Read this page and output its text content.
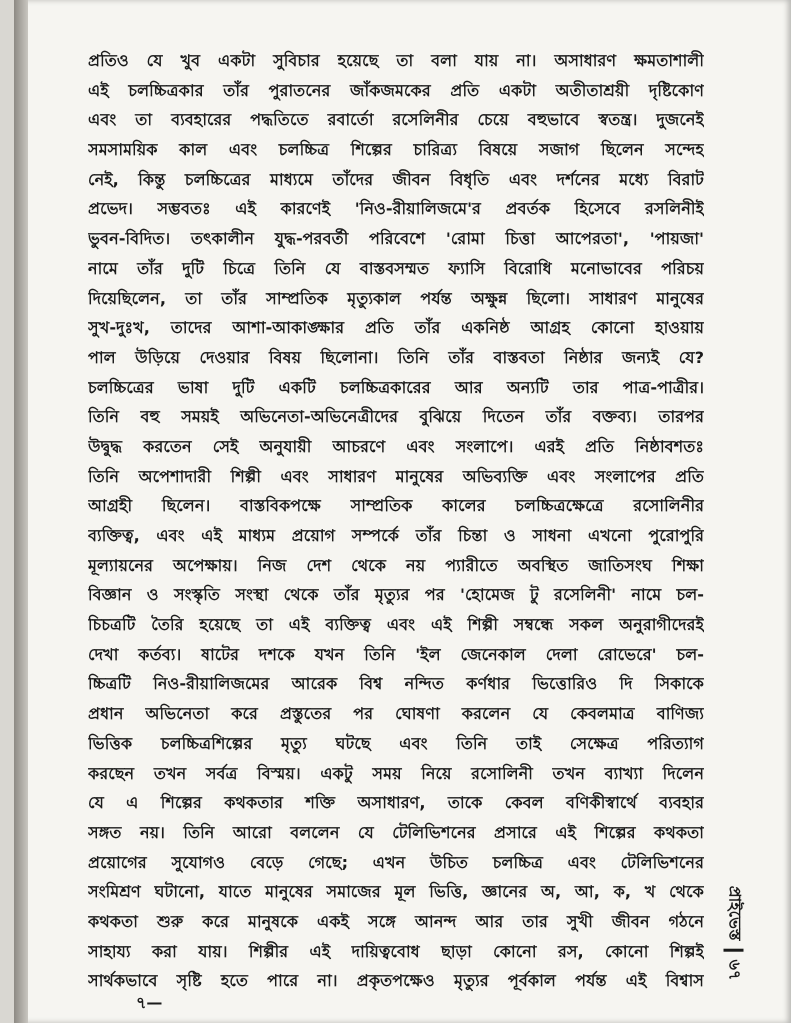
প্রতিও যে খুব একটা সুবিচার হয়েছে তা বলা যায় না। অসাধারণ ক্ষমতাশালী
এই চলচ্চিত্রকার তাঁর পুরাতনের জাঁকজমকের প্রতি একটা অতীতাশ্রয়ী দৃষ্টিকোণ
এবং তা ব্যবহারের পদ্ধতিতে রবার্তো রসেলিনীর চেয়ে বহুভাবে স্বতন্ত্র। দুজনেই
সমসাময়িক কাল এবং চলচ্চিত্র শিল্পের চারিত্র্য বিষয়ে সজাগ ছিলেন সন্দেহ
নেই, কিন্তু চলচ্চিত্রের মাধ্যমে তাঁদের জীবন বিধৃতি এবং দর্শনের মধ্যে বিরাট
প্রভেদ। সম্ভবতঃ এই কারণেই 'নিও-রীয়ালিজমে'র প্রবর্তক হিসেবে রসলিনীই
ভুবন-বিদিত। তৎকালীন যুদ্ধ-পরবর্তী পরিবেশে 'রোমা চিত্তা আপেরতা', 'পায়জা'
নামে তাঁর দুটি চিত্রে তিনি যে বাস্তবসম্মত ফ্যাসি বিরোধি মনোভাবের পরিচয়
দিয়েছিলেন, তা তাঁর সাম্প্রতিক মৃত্যুকাল পর্যন্ত অক্ষুন্ন ছিলো। সাধারণ মানুষের
সুখ-দুঃখ, তাদের আশা-আকাঙ্ক্ষার প্রতি তাঁর একনিষ্ঠ আগ্রহ কোনো হাওয়ায়
পাল উড়িয়ে দেওয়ার বিষয় ছিলোনা। তিনি তাঁর বাস্তবতা নিষ্ঠার জন্যই যে?
চলচ্চিত্রের ভাষা দুটি একটি চলচ্চিত্রকারের আর অন্যটি তার পাত্র-পাত্রীর।
তিনি বহু সময়ই অভিনেতা-অভিনেত্রীদের বুঝিয়ে দিতেন তাঁর বক্তব্য। তারপর
উদ্বুদ্ধ করতেন সেই অনুযায়ী আচরণে এবং সংলাপে। এরই প্রতি নিষ্ঠাবশতঃ
তিনি অপেশাদারী শিল্পী এবং সাধারণ মানুষের অভিব্যক্তি এবং সংলাপের প্রতি
আগ্রহী ছিলেন। বাস্তবিকপক্ষে সাম্প্রতিক কালের চলচ্চিত্রক্ষেত্রে রসোলিনীর
ব্যক্তিত্ব, এবং এই মাধ্যম প্রয়োগ সম্পর্কে তাঁর চিন্তা ও সাধনা এখনো পুরোপুরি
মূল্যায়নের অপেক্ষায়। নিজ দেশ থেকে নয় প্যারীতে অবস্থিত জাতিসংঘ শিক্ষা
বিজ্ঞান ও সংস্কৃতি সংস্থা থেকে তাঁর মৃত্যুর পর 'হোমেজ টু রসেলিনী' নামে চল-
চিচত্রটি তৈরি হয়েছে তা এই ব্যক্তিত্ব এবং এই শিল্পী সম্বন্ধে সকল অনুরাগীদেরই
দেখা কর্তব্য। ষাটের দশকে যখন তিনি 'ইল জেনেকাল দেলা রোভেরে' চল-
চ্চিত্রটি নিও-রীয়ালিজমের আরেক বিশ্ব নন্দিত কর্ণধার ভিত্তোরিও দি সিকাকে
প্রধান অভিনেতা করে প্রস্তুতের পর ঘোষণা করলেন যে কেবলমাত্র বাণিজ্য
ভিত্তিক চলচ্চিত্রশিল্পের মৃত্যু ঘটছে এবং তিনি তাই সেক্ষেত্র পরিত্যাগ
করছেন তখন সর্বত্র বিস্ময়। একটু সময় নিয়ে রসোলিনী তখন ব্যাখ্যা দিলেন
যে এ শিল্পের কথকতার শক্তি অসাধারণ, তাকে কেবল বণিকীস্বার্থে ব্যবহার
সঙ্গত নয়। তিনি আরো বললেন যে টেলিভিশনের প্রসারে এই শিল্পের কথকতা
প্রয়োগের সুযোগও বেড়ে গেছে; এখন উচিত চলচ্চিত্র এবং টেলিভিশনের
সংমিশ্রণ ঘটানো, যাতে মানুষের সমাজের মূল ভিত্তি, জ্ঞানের অ, আ, ক, খ থেকে
কথকতা শুরু করে মানুষকে একই সঙ্গে আনন্দ আর তার সুখী জীবন গঠনে
সাহায্য করা যায়। শিল্পীর এই দায়িত্ববোধ ছাড়া কোনো রস, কোনো শিল্পই
সার্থকভাবে সৃষ্টি হতে পারে না। প্রকৃতপক্ষেও মৃত্যুর পূর্বকাল পর্যন্ত এই বিশ্বাস
৭—
প্রাইভেস্ত
৬৭
